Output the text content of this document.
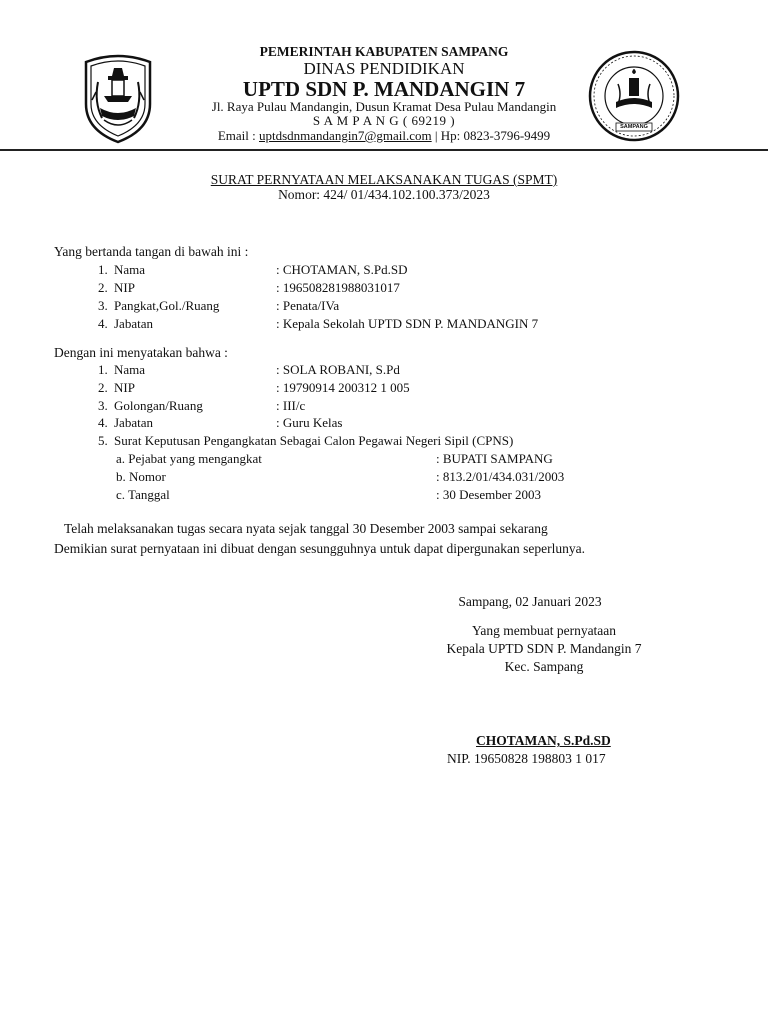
SAMPANG
PEMERINTAH KABUPATEN SAMPANG
DINAS PENDIDIKAN
UPTD SDN P. MANDANGIN 7
Jl. Raya Pulau Mandangin, Dusun Kramat Desa Pulau Mandangin
S A M P A N G ( 69219 )
Email : uptdsdnmandangin7@gmail.com | Hp: 0823-3796-9499
SURAT PERNYATAAN MELAKSANAKAN TUGAS (SPMT)
Nomor: 424/ 01/434.102.100.373/2023
Yang bertanda tangan di bawah ini :
1. Nama	: CHOTAMAN, S.Pd.SD
2. NIP	: 196508281988031017
3. Pangkat,Gol./Ruang	: Penata/IVa
4. Jabatan	: Kepala Sekolah UPTD SDN P. MANDANGIN 7
Dengan ini menyatakan bahwa :
1. Nama	: SOLA ROBANI, S.Pd
2. NIP	: 19790914 200312 1 005
3. Golongan/Ruang	: III/c
4. Jabatan	: Guru Kelas
5. Surat Keputusan Pengangkatan Sebagai Calon Pegawai Negeri Sipil (CPNS)
a. Pejabat yang mengangkat	: BUPATI SAMPANG
b. Nomor	: 813.2/01/434.031/2003
c. Tanggal	: 30 Desember 2003
Telah melaksanakan tugas secara nyata sejak tanggal 30 Desember 2003 sampai sekarang
Demikian surat pernyataan ini dibuat dengan sesungguhnya untuk dapat dipergunakan seperlunya.
Sampang, 02 Januari 2023
Yang membuat pernyataan
Kepala UPTD SDN P. Mandangin 7
Kec. Sampang
CHOTAMAN, S.Pd.SD
NIP. 19650828 198803 1 017
